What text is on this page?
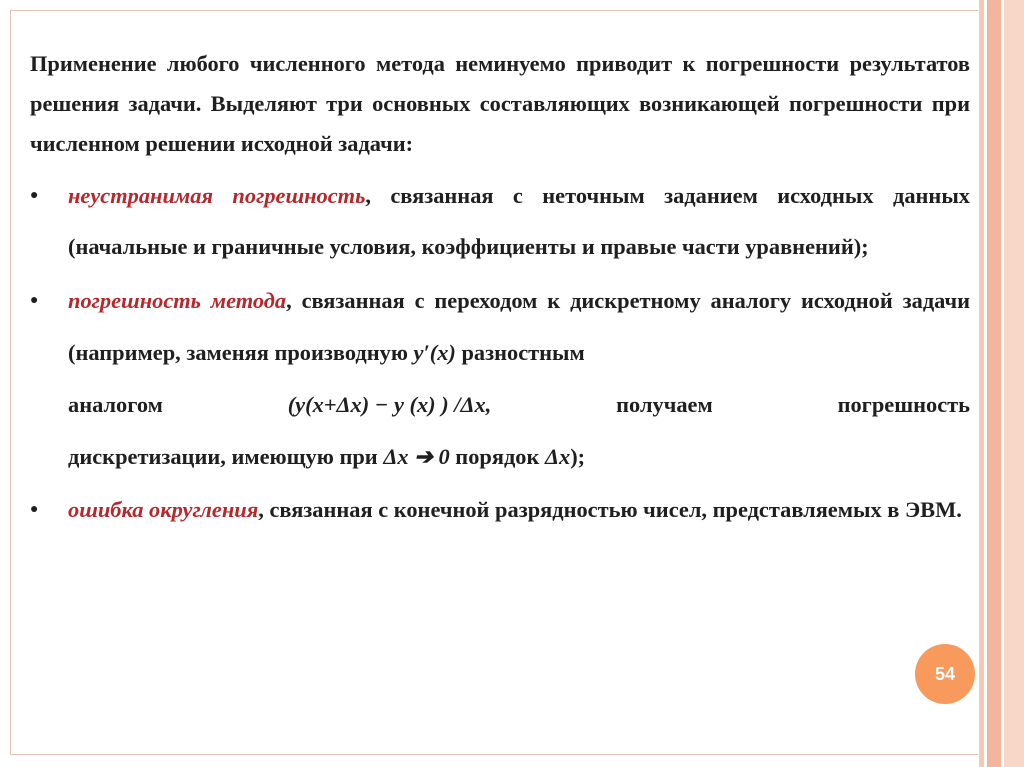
Применение любого численного метода неминуемо приводит к погрешности результатов решения задачи. Выделяют три основных составляющих возникающей погрешности при численном решении исходной задачи:

● неустранимая погрешность, связанная с неточным заданием исходных данных (начальные и граничные условия, коэффициенты и правые части уравнений);

● погрешность метода, связанная с переходом к дискретному аналогу исходной задачи (например, заменяя производную y′(x) разностным

аналогом	(y(x+Δx) − y (x) ) /Δx,	получаем	погрешность

дискретизации, имеющую при Δx ➔ 0 порядок Δx);

● ошибка округления, связанная с конечной разрядностью чисел, представляемых в ЭВМ.

54
